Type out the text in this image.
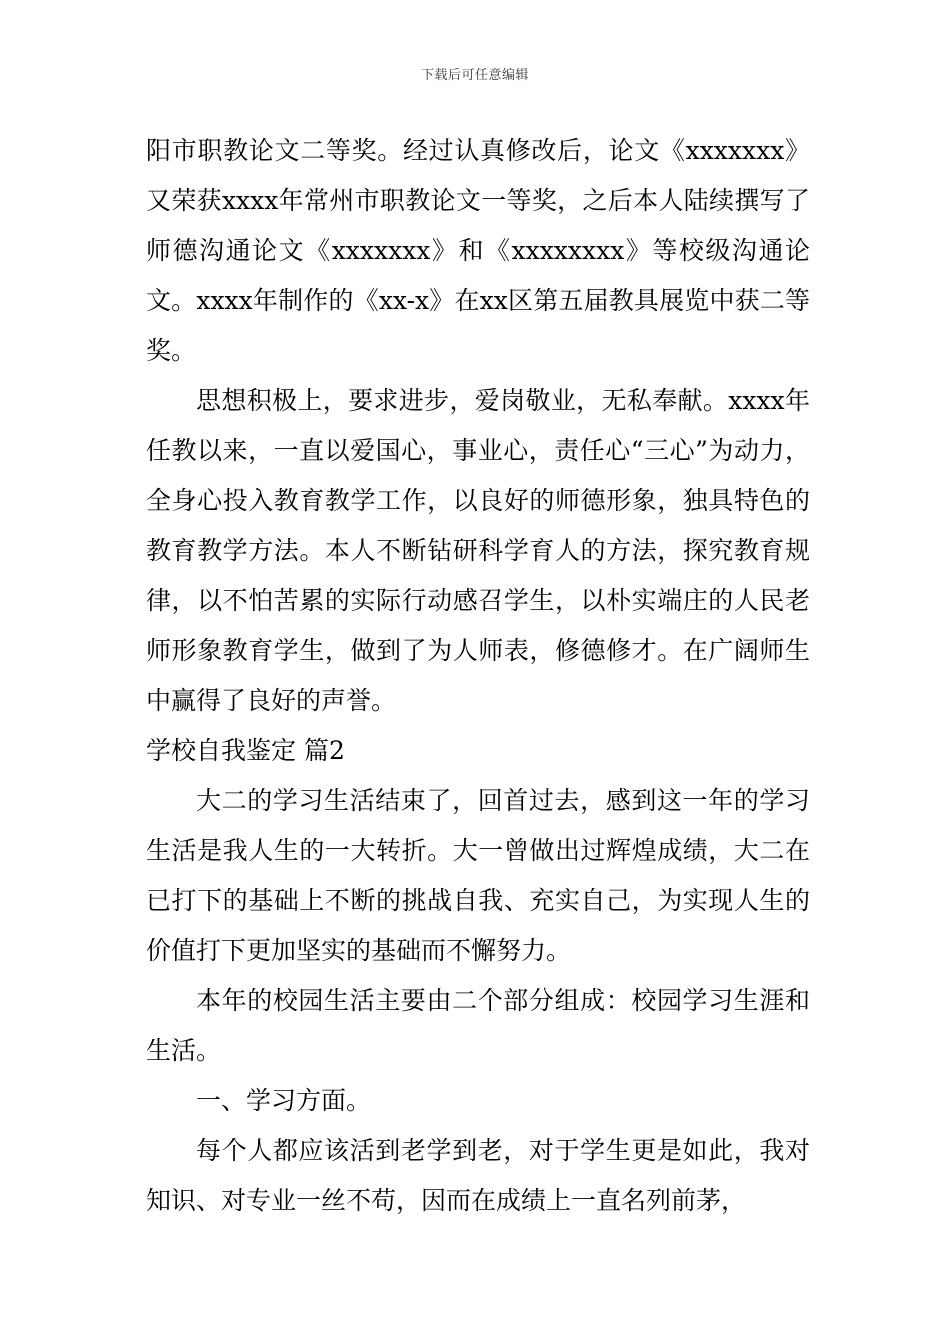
下载后可任意编辑

阳市职教论文二等奖。经过认真修改后，论文《xxxxxxx》又荣获xxxx年常州市职教论文一等奖，之后本人陆续撰写了师德沟通论文《xxxxxxx》和《xxxxxxxx》等校级沟通论文。xxxx年制作的《xx-x》在xx区第五届教具展览中获二等奖。

思想积极上，要求进步，爱岗敬业，无私奉献。xxxx年任教以来，一直以爱国心，事业心，责任心“三心”为动力，全身心投入教育教学工作，以良好的师德形象，独具特色的教育教学方法。本人不断钻研科学育人的方法，探究教育规律，以不怕苦累的实际行动感召学生，以朴实端庄的人民老师形象教育学生，做到了为人师表，修德修才。在广阔师生中赢得了良好的声誉。

学校自我鉴定 篇2

大二的学习生活结束了，回首过去，感到这一年的学习生活是我人生的一大转折。大一曾做出过辉煌成绩，大二在已打下的基础上不断的挑战自我、充实自己，为实现人生的价值打下更加坚实的基础而不懈努力。

本年的校园生活主要由二个部分组成：校园学习生涯和生活。

一、学习方面。

每个人都应该活到老学到老，对于学生更是如此，我对知识、对专业一丝不苟，因而在成绩上一直名列前茅，
